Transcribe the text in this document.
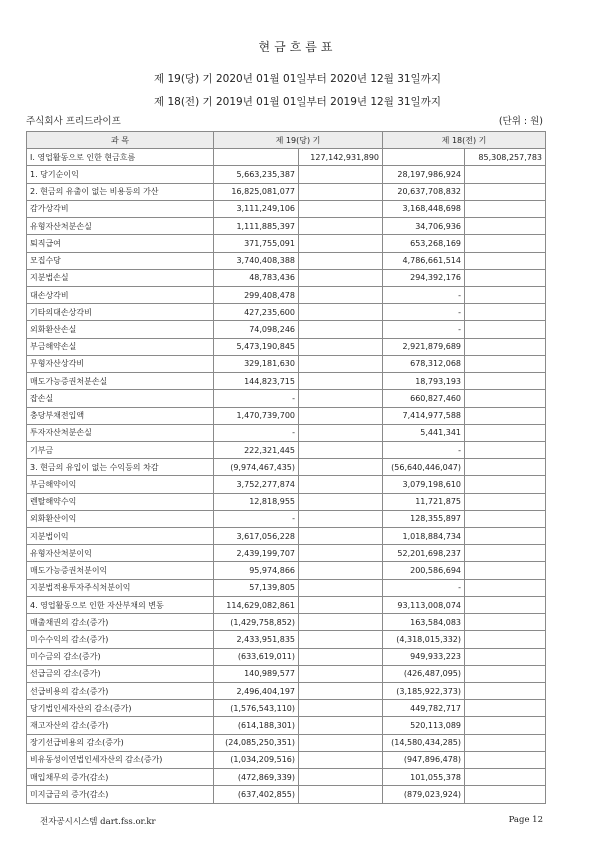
현금흐름표
제 19(당) 기 2020년 01월 01일부터 2020년 12월 31일까지
제 18(전) 기 2019년 01월 01일부터 2019년 12월 31일까지
주식회사 프리드라이프	(단위 : 원)
과 목	제 19(당) 기		제 18(전) 기	
Ⅰ. 영업활동으로 인한 현금흐름		127,142,931,890		85,308,257,783
1. 당기순이익	5,663,235,387		28,197,986,924	
2. 현금의 유출이 없는 비용등의 가산	16,825,081,077		20,637,708,832	
감가상각비	3,111,249,106		3,168,448,698	
유형자산처분손실	1,111,885,397		34,706,936	
퇴직급여	371,755,091		653,268,169	
모집수당	3,740,408,388		4,786,661,514	
지분법손실	48,783,436		294,392,176	
대손상각비	299,408,478		-	
기타의대손상각비	427,235,600		-	
외화환산손실	74,098,246		-	
부금해약손실	5,473,190,845		2,921,879,689	
무형자산상각비	329,181,630		678,312,068	
매도가능증권처분손실	144,823,715		18,793,193	
잡손실	-		660,827,460	
충당부채전입액	1,470,739,700		7,414,977,588	
투자자산처분손실	-		5,441,341	
기부금	222,321,445		-	
3. 현금의 유입이 없는 수익등의 차감	(9,974,467,435)		(56,640,446,047)	
부금해약이익	3,752,277,874		3,079,198,610	
렌탈해약수익	12,818,955		11,721,875	
외화환산이익	-		128,355,897	
지분법이익	3,617,056,228		1,018,884,734	
유형자산처분이익	2,439,199,707		52,201,698,237	
매도가능증권처분이익	95,974,866		200,586,694	
지분법적용투자주식처분이익	57,139,805		-	
4. 영업활동으로 인한 자산부채의 변동	114,629,082,861		93,113,008,074	
매출채권의 감소(증가)	(1,429,758,852)		163,584,083	
미수수익의 감소(증가)	2,433,951,835		(4,318,015,332)	
미수금의 감소(증가)	(633,619,011)		949,933,223	
선급금의 감소(증가)	140,989,577		(426,487,095)	
선급비용의 감소(증가)	2,496,404,197		(3,185,922,373)	
당기법인세자산의 감소(증가)	(1,576,543,110)		449,782,717	
재고자산의 감소(증가)	(614,188,301)		520,113,089	
장기선급비용의 감소(증가)	(24,085,250,351)		(14,580,434,285)	
비유동성이연법인세자산의 감소(증가)	(1,034,209,516)		(947,896,478)	
매입채무의 증가(감소)	(472,869,339)		101,055,378	
미지급금의 증가(감소)	(637,402,855)		(879,023,924)	
전자공시시스템 dart.fss.or.kr	Page 12
